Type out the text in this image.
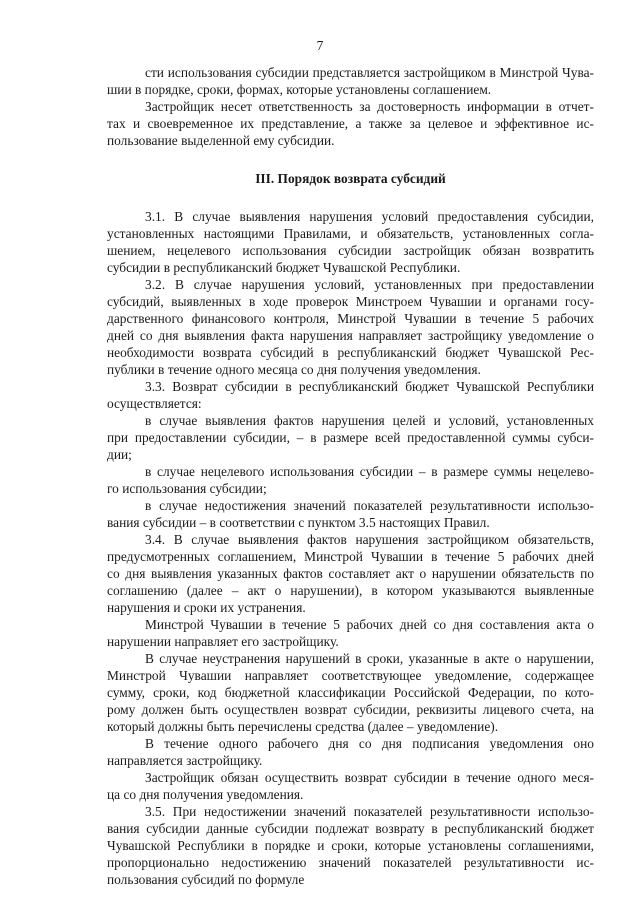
7
сти использования субсидии представляется застройщиком в Минстрой Чува-
шии в порядке, сроки, формах, которые установлены соглашением.
Застройщик несет ответственность за достоверность информации в отчет-
тах и своевременное их представление, а также за целевое и эффективное ис-
пользование выделенной ему субсидии.
III. Порядок возврата субсидий
3.1. В случае выявления нарушения условий предоставления субсидии,
установленных настоящими Правилами, и обязательств, установленных согла-
шением, нецелевого использования субсидии застройщик обязан возвратить
субсидии в республиканский бюджет Чувашской Республики.
3.2. В случае нарушения условий, установленных при предоставлении
субсидий, выявленных в ходе проверок Минстроем Чувашии и органами госу-
дарственного финансового контроля, Минстрой Чувашии в течение 5 рабочих
дней со дня выявления факта нарушения направляет застройщику уведомление о
необходимости возврата субсидий в республиканский бюджет Чувашской Рес-
публики в течение одного месяца со дня получения уведомления.
3.3. Возврат субсидии в республиканский бюджет Чувашской Республики
осуществляется:
в случае выявления фактов нарушения целей и условий, установленных
при предоставлении субсидии, – в размере всей предоставленной суммы субси-
дии;
в случае нецелевого использования субсидии – в размере суммы нецелево-
го использования субсидии;
в случае недостижения значений показателей результативности использо-
вания субсидии – в соответствии с пунктом 3.5 настоящих Правил.
3.4. В случае выявления фактов нарушения застройщиком обязательств,
предусмотренных соглашением, Минстрой Чувашии в течение 5 рабочих дней
со дня выявления указанных фактов составляет акт о нарушении обязательств по
соглашению (далее – акт о нарушении), в котором указываются выявленные
нарушения и сроки их устранения.
Минстрой Чувашии в течение 5 рабочих дней со дня составления акта о
нарушении направляет его застройщику.
В случае неустранения нарушений в сроки, указанные в акте о нарушении,
Минстрой Чувашии направляет соответствующее уведомление, содержащее
сумму, сроки, код бюджетной классификации Российской Федерации, по кото-
рому должен быть осуществлен возврат субсидии, реквизиты лицевого счета, на
который должны быть перечислены средства (далее – уведомление).
В течение одного рабочего дня со дня подписания уведомления оно
направляется застройщику.
Застройщик обязан осуществить возврат субсидии в течение одного меся-
ца со дня получения уведомления.
3.5. При недостижении значений показателей результативности использо-
вания субсидии данные субсидии подлежат возврату в республиканский бюджет
Чувашской Республики в порядке и сроки, которые установлены соглашениями,
пропорционально недостижению значений показателей результативности ис-
пользования субсидий по формуле
